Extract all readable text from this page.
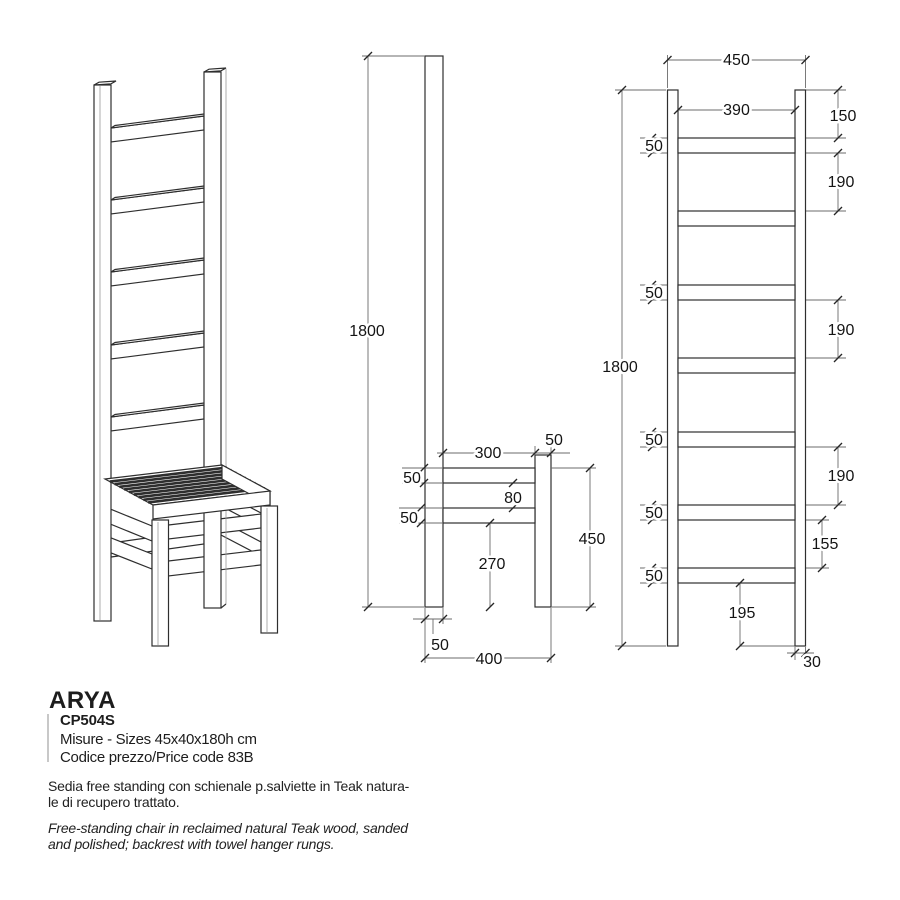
1800
300
50
50
80
50
270
450
50
400
450
390	150
190
190
190
50
50
50
50
50
1800
155
195
30
ARYA
CP504S
Misure - Sizes 45x40x180h cm
Codice prezzo/Price code 83B
Sedia free standing con schienale p.salviette in Teak natura-
le di recupero trattato.
Free-standing chair in reclaimed natural Teak wood, sanded
and polished; backrest with towel hanger rungs.
